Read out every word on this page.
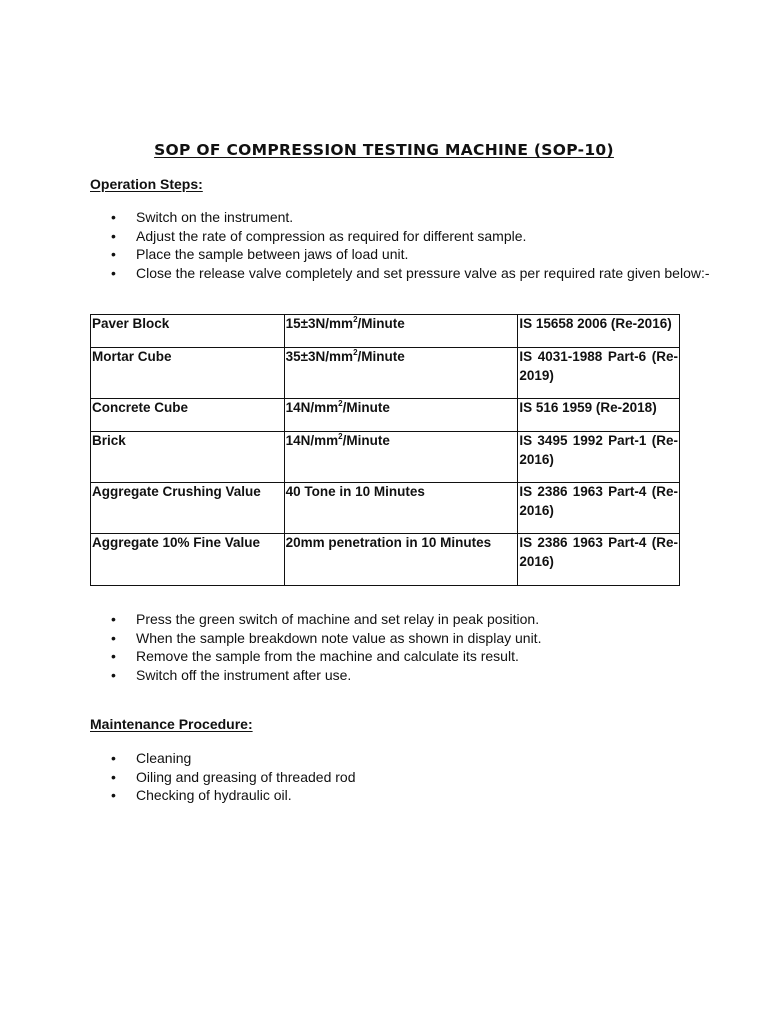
SOP OF COMPRESSION TESTING MACHINE (SOP-10)
Operation Steps:
• Switch on the instrument.
• Adjust the rate of compression as required for different sample.
• Place the sample between jaws of load unit.
• Close the release valve completely and set pressure valve as per required rate given below:-
Paver Block	$15\pm 3N/mm^2$/Minute	IS 15658 2006 (Re-2016)
Mortar Cube	$35\pm 3N/mm^2$/Minute	IS 4031-1988 Part-6 (Re-2019)
Concrete Cube	$14N/mm^2$/Minute	IS 516 1959 (Re-2018)
Brick	$14N/mm^2$/Minute	IS 3495 1992 Part-1 (Re-2016)
Aggregate Crushing Value	40 Tone in 10 Minutes	IS 2386 1963 Part-4 (Re-2016)
Aggregate 10% Fine Value	20mm penetration in 10 Minutes	IS 2386 1963 Part-4 (Re-2016)
• Press the green switch of machine and set relay in peak position.
• When the sample breakdown note value as shown in display unit.
• Remove the sample from the machine and calculate its result.
• Switch off the instrument after use.
Maintenance Procedure:
• Cleaning
• Oiling and greasing of threaded rod
• Checking of hydraulic oil.
